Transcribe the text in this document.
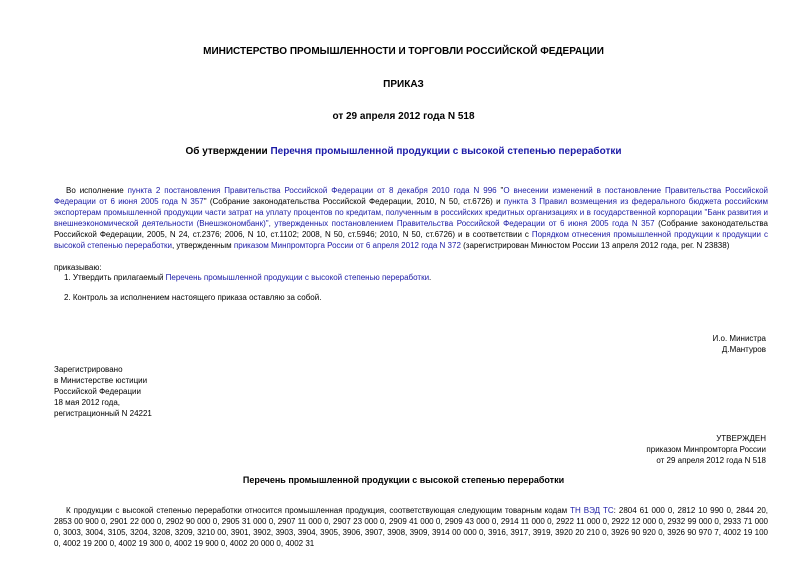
МИНИСТЕРСТВО ПРОМЫШЛЕННОСТИ И ТОРГОВЛИ РОССИЙСКОЙ ФЕДЕРАЦИИ
ПРИКАЗ
от 29 апреля 2012 года N 518
Об утверждении Перечня промышленной продукции с высокой степенью переработки
Во исполнение пункта 2 постановления Правительства Российской Федерации от 8 декабря 2010 года N 996 "О внесении изменений в постановление Правительства Российской Федерации от 6 июня 2005 года N 357" (Собрание законодательства Российской Федерации, 2010, N 50, ст.6726) и пункта 3 Правил возмещения из федерального бюджета российским экспортерам промышленной продукции части затрат на уплату процентов по кредитам, полученным в российских кредитных организациях и в государственной корпорации "Банк развития и внешнеэкономической деятельности (Внешэкономбанк)", утвержденных постановлением Правительства Российской Федерации от 6 июня 2005 года N 357 (Собрание законодательства Российской Федерации, 2005, N 24, ст.2376; 2006, N 10, ст.1102; 2008, N 50, ст.5946; 2010, N 50, ст.6726) и в соответствии с Порядком отнесения промышленной продукции к продукции с высокой степенью переработки, утвержденным приказом Минпромторга России от 6 апреля 2012 года N 372 (зарегистрирован Минюстом России 13 апреля 2012 года, рег. N 23838)
приказываю:
1. Утвердить прилагаемый Перечень промышленной продукции с высокой степенью переработки.
2. Контроль за исполнением настоящего приказа оставляю за собой.
И.о. Министра
Д.Мантуров
Зарегистрировано
в Министерстве юстиции
Российской Федерации
18 мая 2012 года,
регистрационный N 24221
УТВЕРЖДЕН
приказом Минпромторга России
от 29 апреля 2012 года N 518
Перечень промышленной продукции с высокой степенью переработки
К продукции с высокой степенью переработки относится промышленная продукция, соответствующая следующим товарным кодам ТН ВЭД ТС: 2804 61 000 0, 2812 10 990 0, 2844 20, 2853 00 900 0, 2901 22 000 0, 2902 90 000 0, 2905 31 000 0, 2907 11 000 0, 2907 23 000 0, 2909 41 000 0, 2909 43 000 0, 2914 11 000 0, 2922 11 000 0, 2922 12 000 0, 2932 99 000 0, 2933 71 000 0, 3003, 3004, 3105, 3204, 3208, 3209, 3210 00, 3901, 3902, 3903, 3904, 3905, 3906, 3907, 3908, 3909, 3914 00 000 0, 3916, 3917, 3919, 3920 20 210 0, 3926 90 920 0, 3926 90 970 7, 4002 19 100 0, 4002 19 200 0, 4002 19 300 0, 4002 19 900 0, 4002 20 000 0, 4002 31
